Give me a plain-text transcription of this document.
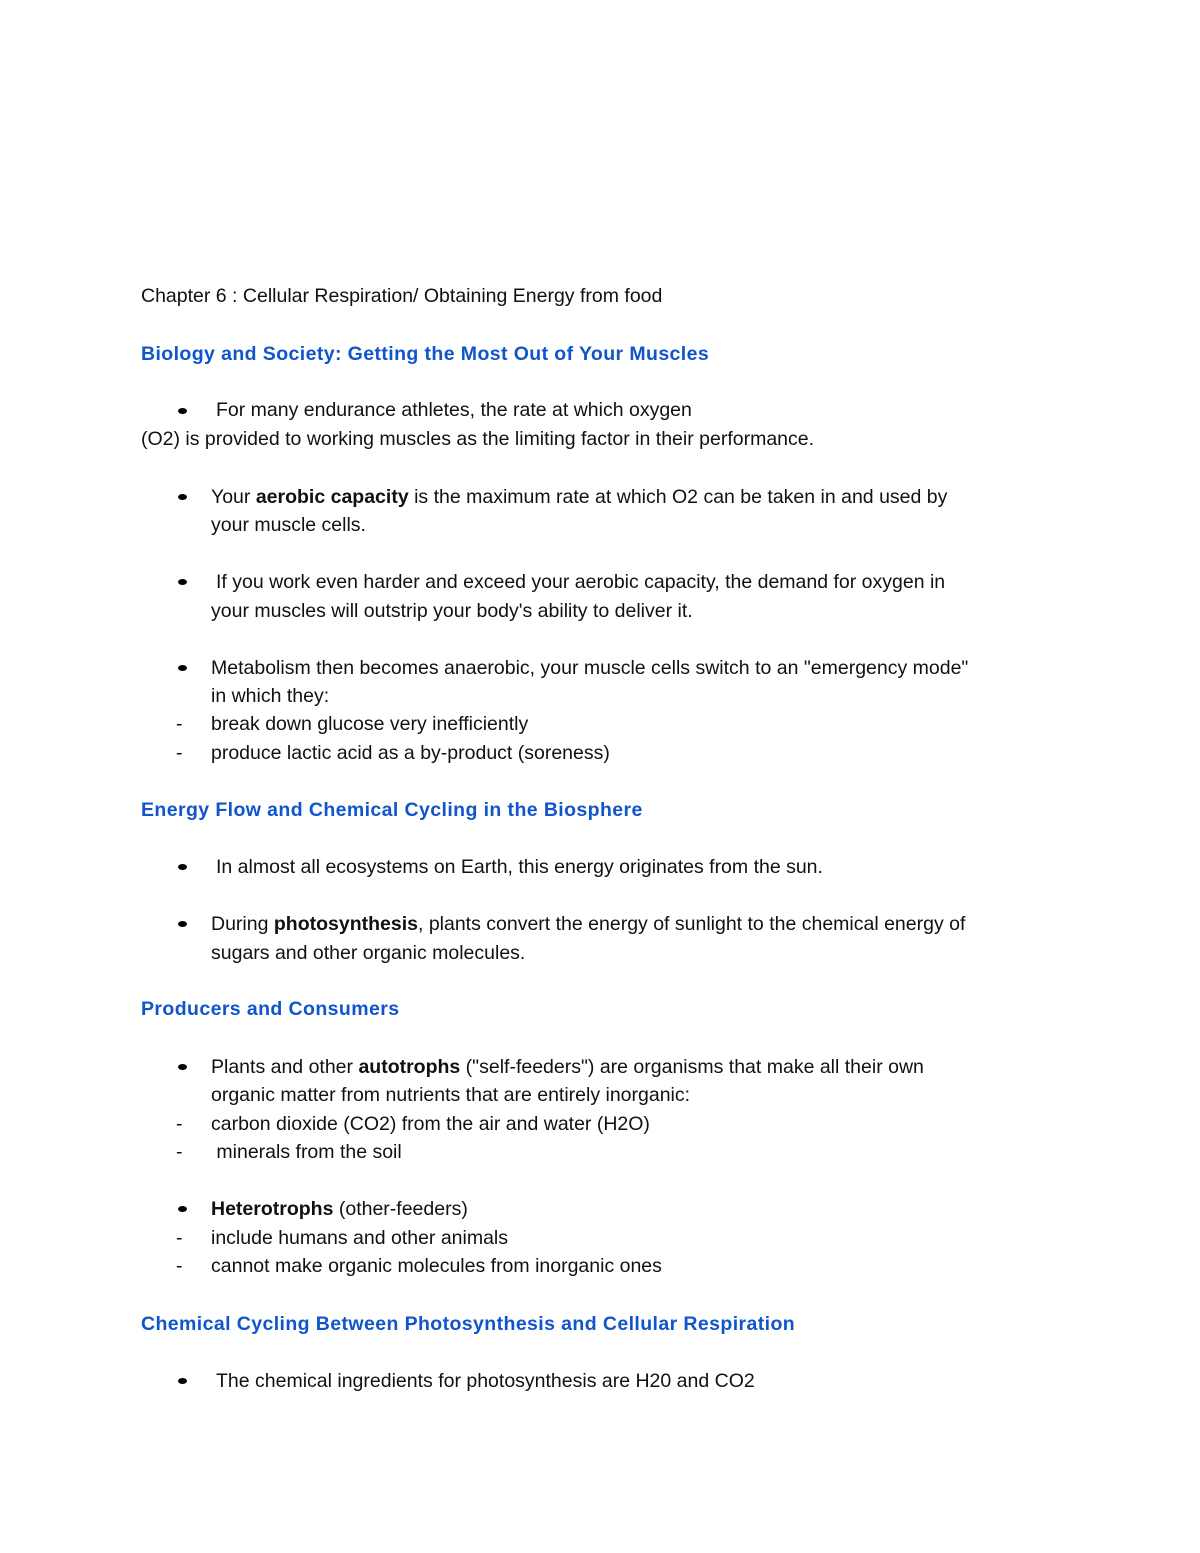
Chapter 6 : Cellular Respiration/ Obtaining Energy from food
Biology and Society: Getting the Most Out of Your Muscles
For many endurance athletes, the rate at which oxygen
(O2) is provided to working muscles as the limiting factor in their performance.
Your aerobic capacity is the maximum rate at which O2 can be taken in and used by
your muscle cells.
If you work even harder and exceed your aerobic capacity, the demand for oxygen in
your muscles will outstrip your body's ability to deliver it.
Metabolism then becomes anaerobic, your muscle cells switch to an "emergency mode"
in which they:
- break down glucose very inefficiently
- produce lactic acid as a by-product (soreness)
Energy Flow and Chemical Cycling in the Biosphere
In almost all ecosystems on Earth, this energy originates from the sun.
During photosynthesis, plants convert the energy of sunlight to the chemical energy of
sugars and other organic molecules.
Producers and Consumers
Plants and other autotrophs ("self-feeders") are organisms that make all their own
organic matter from nutrients that are entirely inorganic:
- carbon dioxide (CO2) from the air and water (H2O)
- minerals from the soil
Heterotrophs (other-feeders)
- include humans and other animals
- cannot make organic molecules from inorganic ones
Chemical Cycling Between Photosynthesis and Cellular Respiration
The chemical ingredients for photosynthesis are H20 and CO2
